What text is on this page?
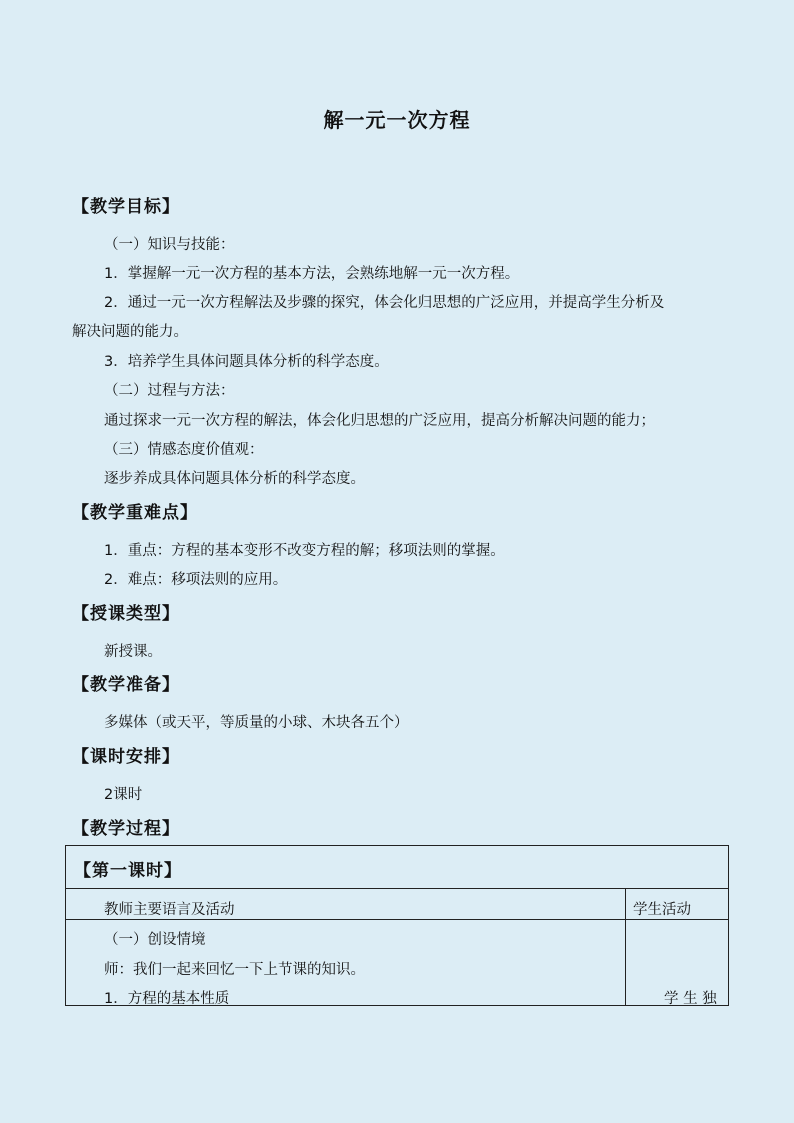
解一元一次方程
【教学目标】
（一）知识与技能：
1．掌握解一元一次方程的基本方法，会熟练地解一元一次方程。
2．通过一元一次方程解法及步骤的探究，体会化归思想的广泛应用，并提高学生分析及
解决问题的能力。
3．培养学生具体问题具体分析的科学态度。
（二）过程与方法：
通过探求一元一次方程的解法，体会化归思想的广泛应用，提高分析解决问题的能力；
（三）情感态度价值观：
逐步养成具体问题具体分析的科学态度。
【教学重难点】
1．重点：方程的基本变形不改变方程的解；移项法则的掌握。
2．难点：移项法则的应用。
【授课类型】
新授课。
【教学准备】
多媒体（或天平，等质量的小球、木块各五个）
【课时安排】
2课时
【教学过程】
【第一课时】
教师主要语言及活动	学生活动
（一）创设情境
师：我们一起来回忆一下上节课的知识。
1．方程的基本性质	学 生 独
